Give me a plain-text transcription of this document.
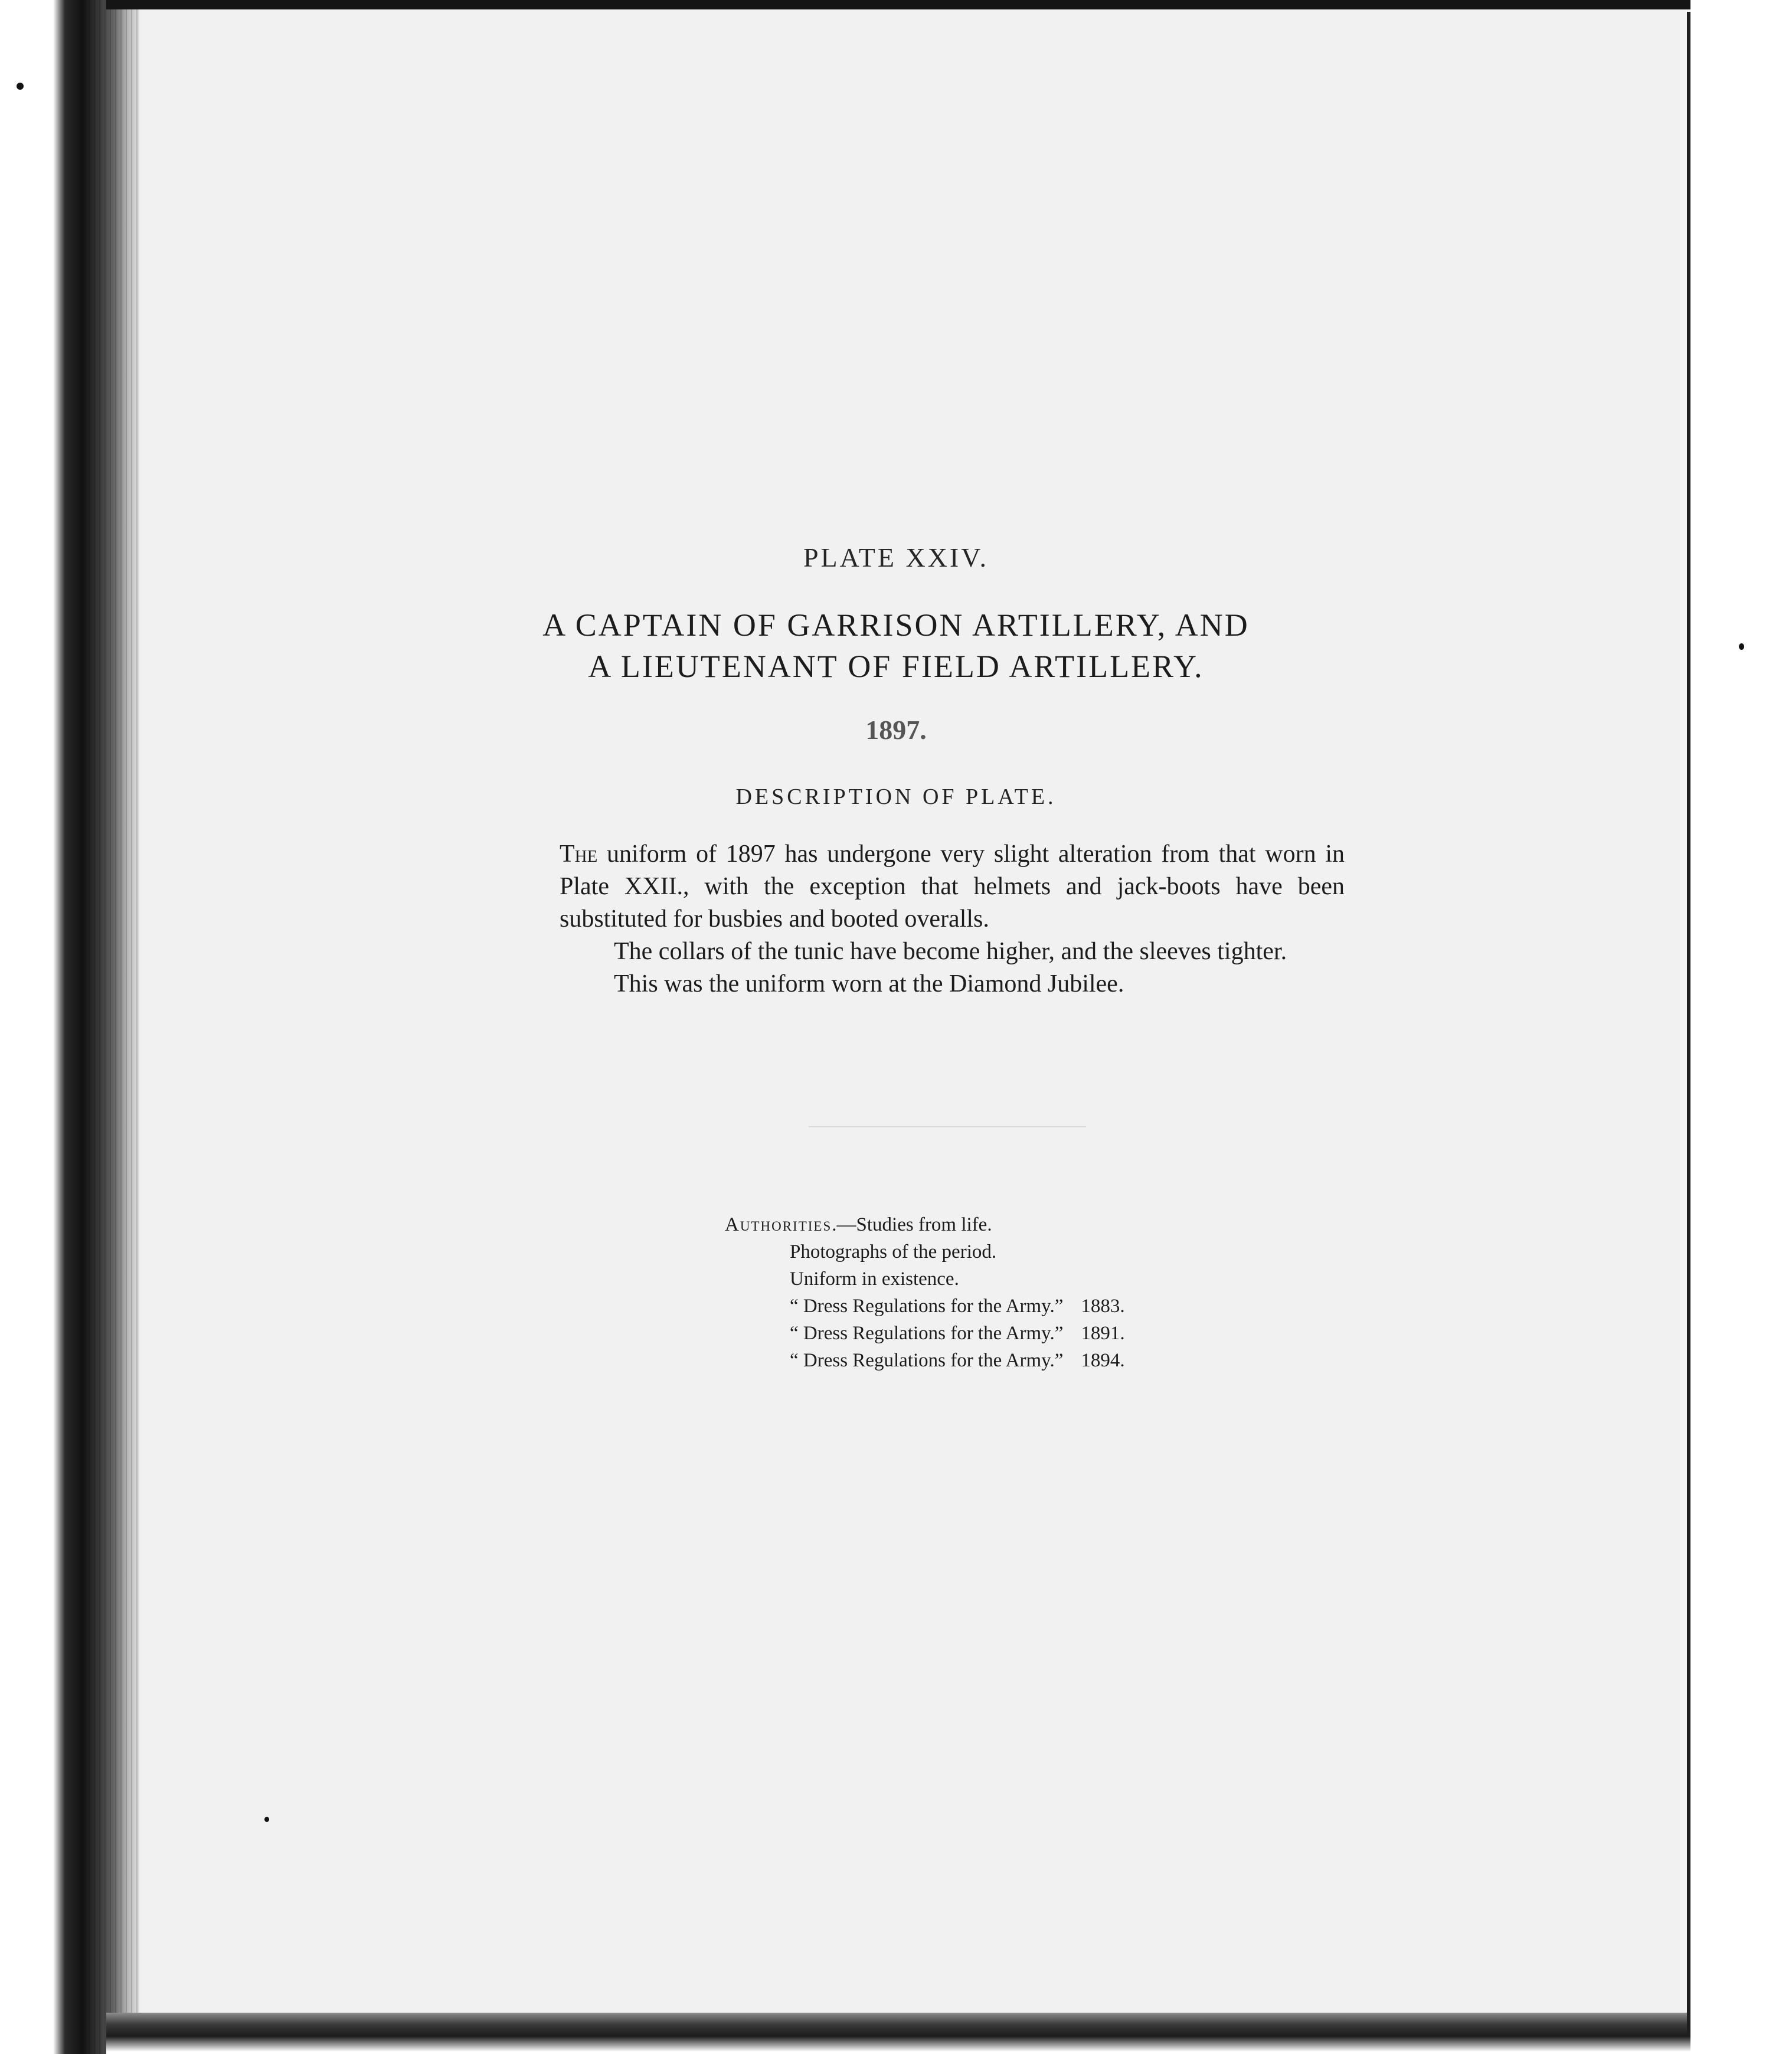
PLATE XXIV.
A CAPTAIN OF GARRISON ARTILLERY, AND
A LIEUTENANT OF FIELD ARTILLERY.
1897.
DESCRIPTION OF PLATE.

The uniform of 1897 has undergone very slight alteration from that worn in Plate XXII., with the exception that helmets and jack-boots have been substituted for busbies and booted overalls.

The collars of the tunic have become higher, and the sleeves tighter.

This was the uniform worn at the Diamond Jubilee.

Authorities.—Studies from life.
Photographs of the period.
Uniform in existence.
“ Dress Regulations for the Army.” 1883.
“ Dress Regulations for the Army.” 1891.
“ Dress Regulations for the Army.” 1894.
